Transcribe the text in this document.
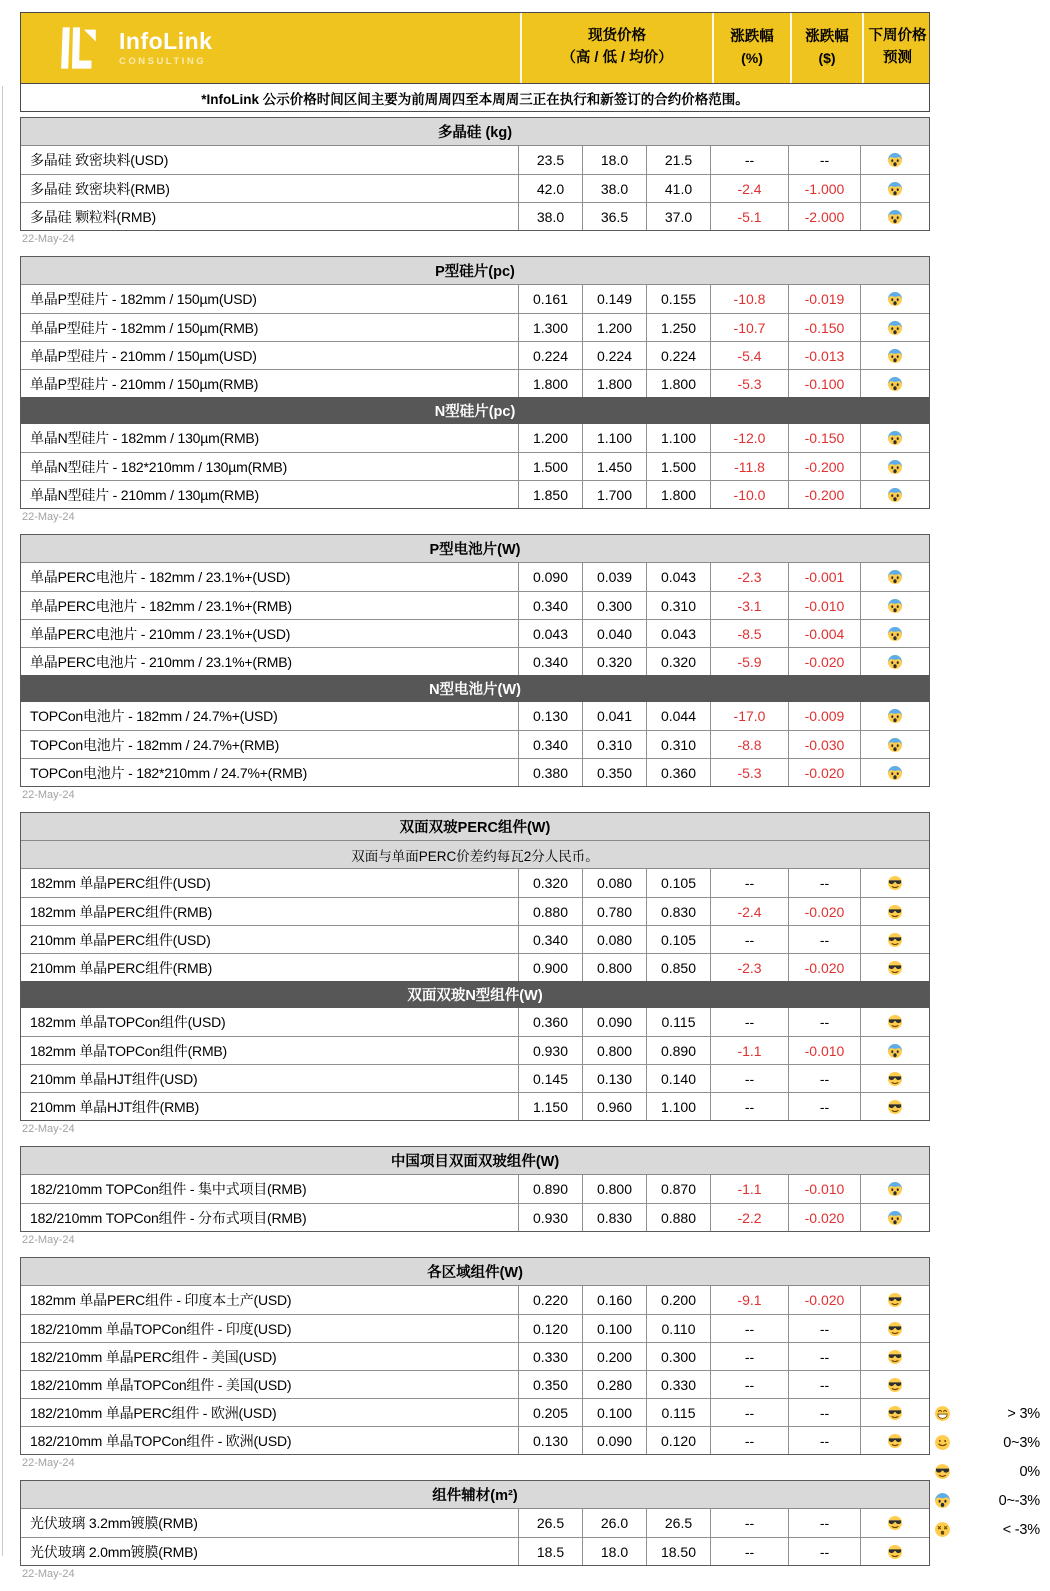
InfoLink
CONSULTING
现货价格
（高 / 低 / 均价）
涨跌幅
(%)
涨跌幅
($)
下周价格
预测
*InfoLink 公示价格时间区间主要为前周周四至本周周三正在执行和新签订的合约价格范围。
多晶硅 (kg)
多晶硅 致密块料(USD)	23.5	18.0	21.5	--	--
多晶硅 致密块料(RMB)	42.0	38.0	41.0	-2.4	-1.000
多晶硅 颗粒料(RMB)	38.0	36.5	37.0	-5.1	-2.000
22-May-24
P型硅片(pc)
单晶P型硅片 - 182mm / 150µm(USD)	0.161	0.149	0.155	-10.8	-0.019
单晶P型硅片 - 182mm / 150µm(RMB)	1.300	1.200	1.250	-10.7	-0.150
单晶P型硅片 - 210mm / 150µm(USD)	0.224	0.224	0.224	-5.4	-0.013
单晶P型硅片 - 210mm / 150µm(RMB)	1.800	1.800	1.800	-5.3	-0.100
N型硅片(pc)
单晶N型硅片 - 182mm / 130µm(RMB)	1.200	1.100	1.100	-12.0	-0.150
单晶N型硅片 - 182*210mm / 130µm(RMB)	1.500	1.450	1.500	-11.8	-0.200
单晶N型硅片 - 210mm / 130µm(RMB)	1.850	1.700	1.800	-10.0	-0.200
22-May-24
P型电池片(W)
单晶PERC电池片 - 182mm / 23.1%+(USD)	0.090	0.039	0.043	-2.3	-0.001
单晶PERC电池片 - 182mm / 23.1%+(RMB)	0.340	0.300	0.310	-3.1	-0.010
单晶PERC电池片 - 210mm / 23.1%+(USD)	0.043	0.040	0.043	-8.5	-0.004
单晶PERC电池片 - 210mm / 23.1%+(RMB)	0.340	0.320	0.320	-5.9	-0.020
N型电池片(W)
TOPCon电池片 - 182mm / 24.7%+(USD)	0.130	0.041	0.044	-17.0	-0.009
TOPCon电池片 - 182mm / 24.7%+(RMB)	0.340	0.310	0.310	-8.8	-0.030
TOPCon电池片 - 182*210mm / 24.7%+(RMB)	0.380	0.350	0.360	-5.3	-0.020
22-May-24
双面双玻PERC组件(W)
双面与单面PERC价差约每瓦2分人民币。
182mm 单晶PERC组件(USD)	0.320	0.080	0.105	--	--
182mm 单晶PERC组件(RMB)	0.880	0.780	0.830	-2.4	-0.020
210mm 单晶PERC组件(USD)	0.340	0.080	0.105	--	--
210mm 单晶PERC组件(RMB)	0.900	0.800	0.850	-2.3	-0.020
双面双玻N型组件(W)
182mm 单晶TOPCon组件(USD)	0.360	0.090	0.115	--	--
182mm 单晶TOPCon组件(RMB)	0.930	0.800	0.890	-1.1	-0.010
210mm 单晶HJT组件(USD)	0.145	0.130	0.140	--	--
210mm 单晶HJT组件(RMB)	1.150	0.960	1.100	--	--
22-May-24
中国项目双面双玻组件(W)
182/210mm TOPCon组件 - 集中式项目(RMB)	0.890	0.800	0.870	-1.1	-0.010
182/210mm TOPCon组件 - 分布式项目(RMB)	0.930	0.830	0.880	-2.2	-0.020
22-May-24
各区域组件(W)
182mm 单晶PERC组件 - 印度本土产(USD)	0.220	0.160	0.200	-9.1	-0.020
182/210mm 单晶TOPCon组件 - 印度(USD)	0.120	0.100	0.110	--	--
182/210mm 单晶PERC组件 - 美国(USD)	0.330	0.200	0.300	--	--
182/210mm 单晶TOPCon组件 - 美国(USD)	0.350	0.280	0.330	--	--
182/210mm 单晶PERC组件 - 欧洲(USD)	0.205	0.100	0.115	--	--
182/210mm 单晶TOPCon组件 - 欧洲(USD)	0.130	0.090	0.120	--	--
22-May-24
组件辅材(m²)
光伏玻璃 3.2mm镀膜(RMB)	26.5	26.0	26.5	--	--
光伏玻璃 2.0mm镀膜(RMB)	18.5	18.0	18.50	--	--
22-May-24
> 3%
0~3%
0%
0~-3%
< -3%
